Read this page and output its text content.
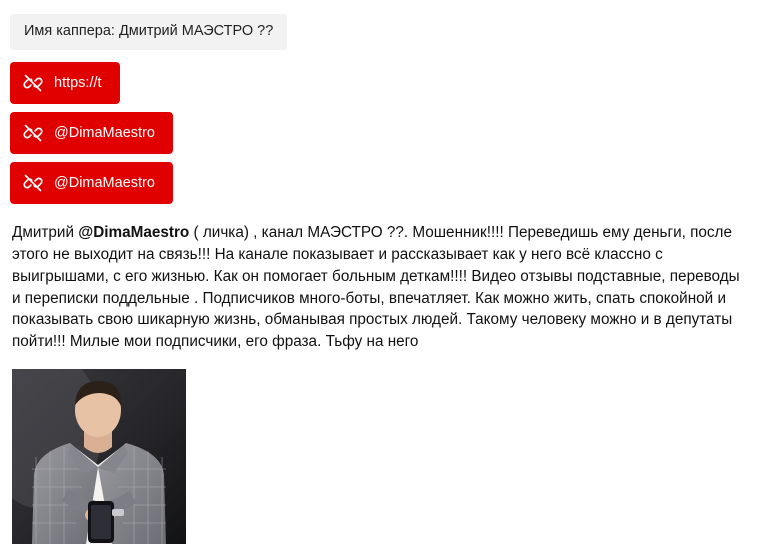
Имя каппера: Дмитрий МАЭСТРО ??
https://t
@DimaMaestro
@DimaMaestro

Дмитрий @DimaMaestro ( личка) , канал МАЭСТРО ??. Мошенник!!!! Переведишь ему деньги, после этого не выходит на связь!!! На канале показывает и рассказывает как у него всё классно с выигрышами, с его жизнью. Как он помогает больным деткам!!!! Видео отзывы подставные, переводы и переписки поддельные . Подписчиков много-боты, впечатляет. Как можно жить, спать спокойной и показывать свою шикарную жизнь, обманывая простых людей. Такому человеку можно и в депутаты пойти!!! Милые мои подписчики, его фраза. Тьфу на него
